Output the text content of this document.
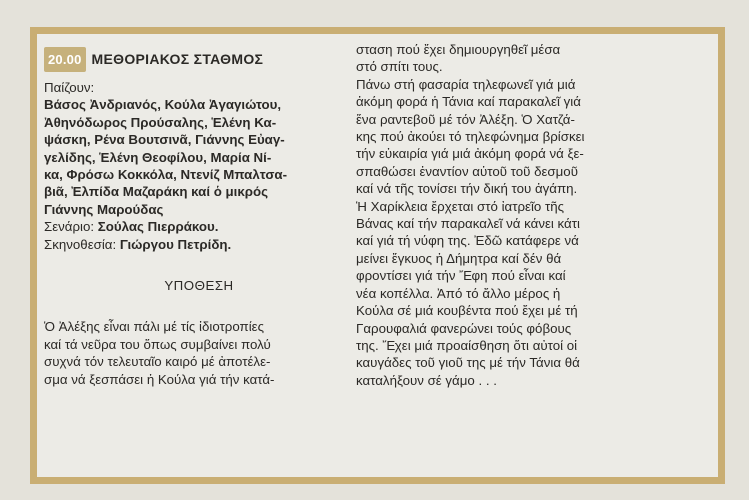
20.00 ΜΕΘΟΡΙΑΚΟΣ ΣΤΑΘΜΟΣ

Παίζουν:

Βάσος Ἀνδριανός, Κούλα Ἀγαγιώτου,

Ἀθηνόδωρος Προύσαλης, Ἑλένη Κα-

ψάσκη, Ρένα Βουτσινᾶ, Γιάννης Εὐαγ-

γελίδης, Ἑλένη Θεοφίλου, Μαρία Νί-

κα, Φρόσω Κοκκόλα, Ντενίζ Μπαλτσα-

βιᾶ, Ἐλπίδα Μαζαράκη καί ὁ μικρός

Γιάννης Μαρούδας

Σενάριο: Σούλας Πιερράκου.

Σκηνοθεσία: Γιώργου Πετρίδη.

ΥΠΟΘΕΣΗ

Ὁ Ἀλέξης εἶναι πάλι μέ τίς ἰδιοτροπίες

καί τά νεῦρα του ὅπως συμβαίνει πολύ

συχνά τόν τελευταῖο καιρό μέ ἀποτέλε-

σμα νά ξεσπάσει ἡ Κούλα γιά τήν κατά-

σταση πού ἔχει δημιουργηθεῖ μέσα

στό σπίτι τους.

Πάνω στή φασαρία τηλεφωνεῖ γιά μιά

ἀκόμη φορά ἡ Τάνια καί παρακαλεῖ γιά

ἕνα ραντεβοῦ μέ τόν Ἀλέξη. Ὁ Χατζά-

κης πού ἀκούει τό τηλεφώνημα βρίσκει

τήν εὐκαιρία γιά μιά ἀκόμη φορά νά ξε-

σπαθώσει ἐναντίον αὐτοῦ τοῦ δεσμοῦ

καί νά τῆς τονίσει τήν δική του ἀγάπη.

Ἡ Χαρίκλεια ἔρχεται στό ἰατρεῖο τῆς

Βάνας καί τήν παρακαλεῖ νά κάνει κάτι

καί γιά τή νύφη της. Ἐδῶ κατάφερε νά

μείνει ἔγκυος ἡ Δήμητρα καί δέν θά

φροντίσει γιά τήν Ἔφη πού εἶναι καί

νέα κοπέλλα. Ἀπό τό ἄλλο μέρος ἡ

Κούλα σέ μιά κουβέντα πού ἔχει μέ τή

Γαρουφαλιά φανερώνει τούς φόβους

της. Ἔχει μιά προαίσθηση ὅτι αὐτοί οἱ

καυγάδες τοῦ γιοῦ της μέ τήν Τάνια θά

καταλήξουν σέ γάμο . . .
